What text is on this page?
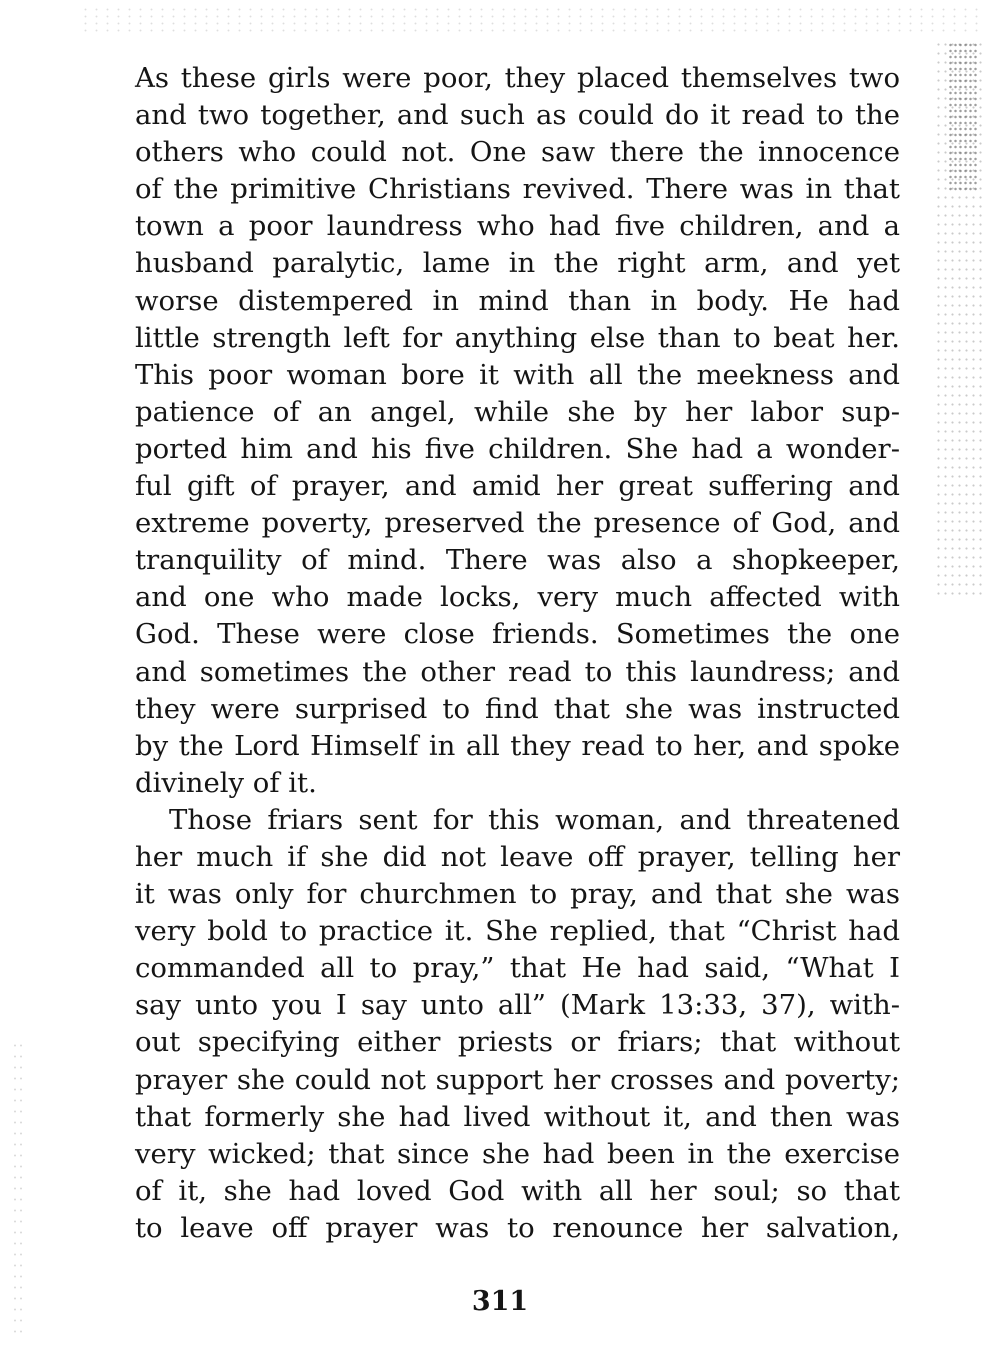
As these girls were poor, they placed themselves two
and two together, and such as could do it read to the
others who could not. One saw there the innocence
of the primitive Christians revived. There was in that
town a poor laundress who had five children, and a
husband paralytic, lame in the right arm, and yet
worse distempered in mind than in body. He had
little strength left for anything else than to beat her.
This poor woman bore it with all the meekness and
patience of an angel, while she by her labor sup-
ported him and his five children. She had a wonder-
ful gift of prayer, and amid her great suffering and
extreme poverty, preserved the presence of God, and
tranquility of mind. There was also a shopkeeper,
and one who made locks, very much affected with
God. These were close friends. Sometimes the one
and sometimes the other read to this laundress; and
they were surprised to find that she was instructed
by the Lord Himself in all they read to her, and spoke
divinely of it.
Those friars sent for this woman, and threatened
her much if she did not leave off prayer, telling her
it was only for churchmen to pray, and that she was
very bold to practice it. She replied, that “Christ had
commanded all to pray,” that He had said, “What I
say unto you I say unto all” (Mark 13:33, 37), with-
out specifying either priests or friars; that without
prayer she could not support her crosses and poverty;
that formerly she had lived without it, and then was
very wicked; that since she had been in the exercise
of it, she had loved God with all her soul; so that
to leave off prayer was to renounce her salvation,
311
